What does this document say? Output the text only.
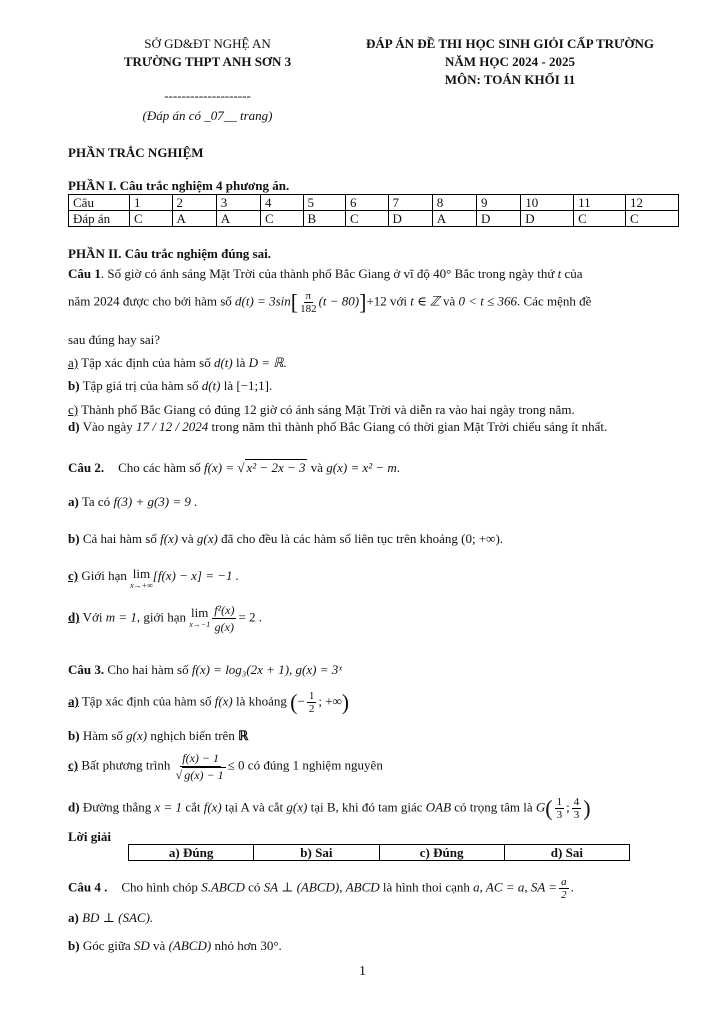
SỞ GD&ĐT NGHỆ AN
TRƯỜNG THPT ANH SƠN 3
--------------------
(Đáp án có _07__ trang)
ĐÁP ÁN ĐỀ THI HỌC SINH GIỎI CẤP TRƯỜNG
NĂM HỌC 2024 - 2025
MÔN: TOÁN KHỐI 11
PHẦN TRẮC NGHIỆM
PHẦN I. Câu trắc nghiệm 4 phương án.
Câu	1	2	3	4	5	6	7	8	9	10	11	12
Đáp án	C	A	A	C	B	C	D	A	D	D	C	C
PHẦN II. Câu trắc nghiệm đúng sai.
Câu 1. Số giờ có ánh sáng Mặt Trời của thành phố Bắc Giang ở vĩ độ 40° Bắc trong ngày thứ t của
năm 2024 được cho bởi hàm số $d(t) = 3\sin[ \frac{\pi}{182} (t - 80)]+12$ với t ∈ ℤ và 0 < t ≤ 366. Các mệnh đề
sau đúng hay sai?
a) Tập xác định của hàm số d(t) là D = ℝ.
b) Tập giá trị của hàm số d(t) là [−1;1].
c) Thành phố Bắc Giang có đúng 12 giờ có ánh sáng Mặt Trời và diễn ra vào hai ngày trong năm.
d) Vào ngày 17 / 12 / 2024 trong năm thì thành phố Bắc Giang có thời gian Mặt Trời chiếu sáng ít nhất.
Câu 2. Cho các hàm số f(x) = √ x² − 2x − 3 và g(x) = x² − m.
a) Ta có f(3) + g(3) = 9 .
b) Cả hai hàm số f(x) và g(x) đã cho đều là các hàm số liên tục trên khoảng (0; +∞).
c) Giới hạn lim
x→+∞
[f(x) − x] = −1 .
d) Với m = 1, giới hạn lim
$x\to-1 \frac{\text{f²(x)}}{g(x)} = 2$ .
Câu 3. Cho hai hàm số f(x) = log₃(2x + 1), g(x) = 3ˣ
a) Tập xác định của hàm số f(x) là khoảng (− $\frac{1}{2}$ ; +∞)
b) Hàm số g(x) nghịch biến trên ℝ
c) Bất phương trình $\frac{f(x) - 1}{√ g(x) - 1} \le 0$ có đúng 1 nghiệm nguyên
d) Đường thẳng x = 1 cắt f(x) tại A và cắt g(x) tại B, khi đó tam giác OAB có trọng tâm là $G( \frac{1}{3}$ ; $\frac{4}{3}$ )
Lời giải
a) Đúng	b) Sai	c) Đúng	d) Sai
Câu 4 . Cho hình chóp S.ABCD có SA ⊥ (ABCD), ABCD là hình thoi cạnh a, AC = a, SA = $\frac{a}{2}$ .
a) BD ⊥ (SAC).
b) Góc giữa SD và (ABCD) nhỏ hơn 30°.
1
